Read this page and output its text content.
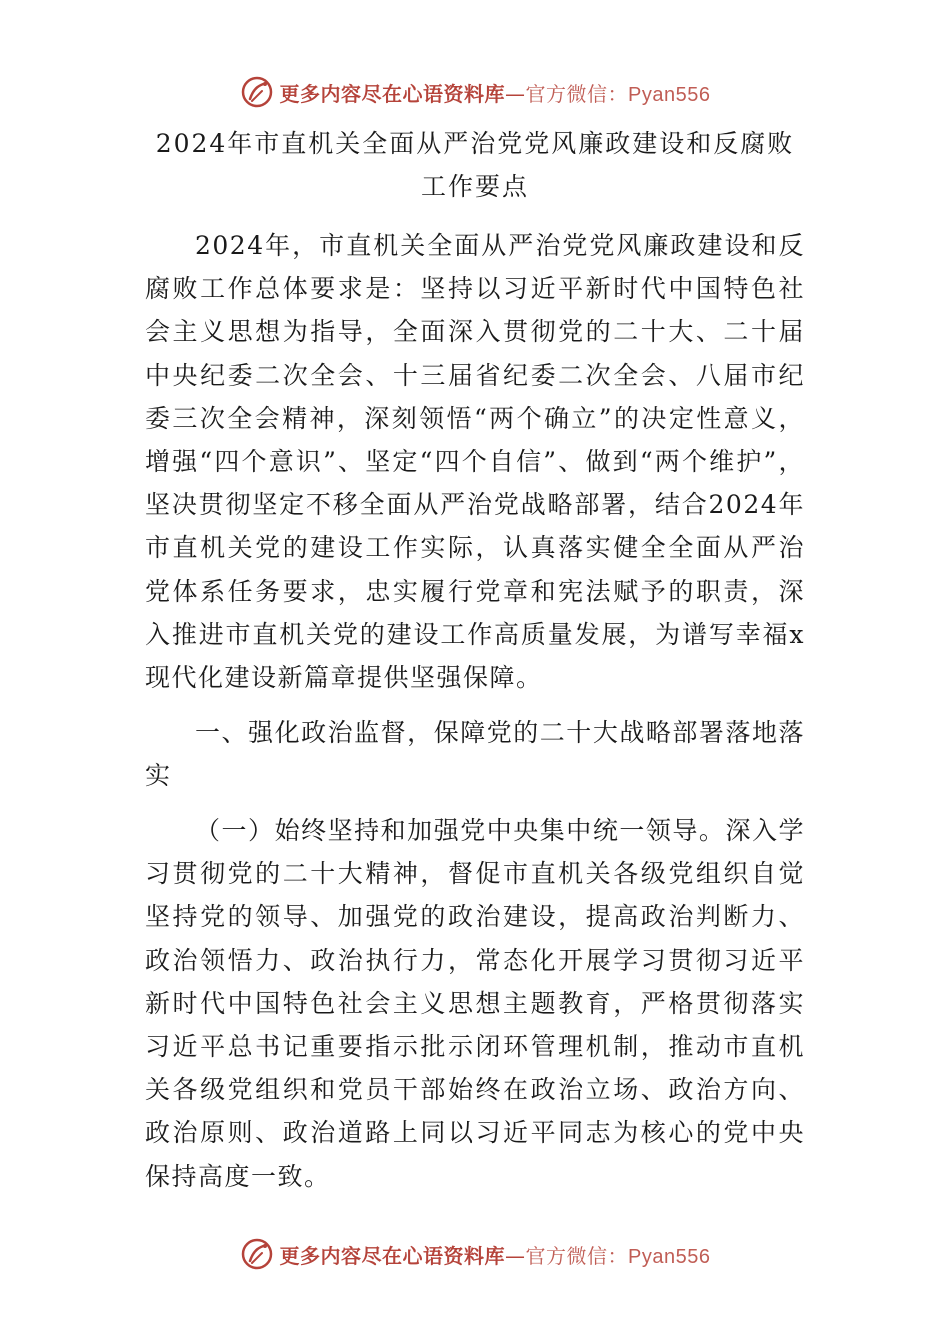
更多内容尽在心语资料库—官方微信：Pyan556
2024年市直机关全面从严治党党风廉政建设和反腐败工作要点

2024年，市直机关全面从严治党党风廉政建设和反腐败工作总体要求是：坚持以习近平新时代中国特色社会主义思想为指导，全面深入贯彻党的二十大、二十届中央纪委二次全会、十三届省纪委二次全会、八届市纪委三次全会精神，深刻领悟“两个确立”的决定性意义，增强“四个意识”、坚定“四个自信”、做到“两个维护”，坚决贯彻坚定不移全面从严治党战略部署，结合2024年市直机关党的建设工作实际，认真落实健全全面从严治党体系任务要求，忠实履行党章和宪法赋予的职责，深入推进市直机关党的建设工作高质量发展，为谱写幸福x现代化建设新篇章提供坚强保障。

一、强化政治监督，保障党的二十大战略部署落地落实

（一）始终坚持和加强党中央集中统一领导。深入学习贯彻党的二十大精神，督促市直机关各级党组织自觉坚持党的领导、加强党的政治建设，提高政治判断力、政治领悟力、政治执行力，常态化开展学习贯彻习近平新时代中国特色社会主义思想主题教育，严格贯彻落实习近平总书记重要指示批示闭环管理机制，推动市直机关各级党组织和党员干部始终在政治立场、政治方向、政治原则、政治道路上同以习近平同志为核心的党中央保持高度一致。

更多内容尽在心语资料库—官方微信：Pyan556
